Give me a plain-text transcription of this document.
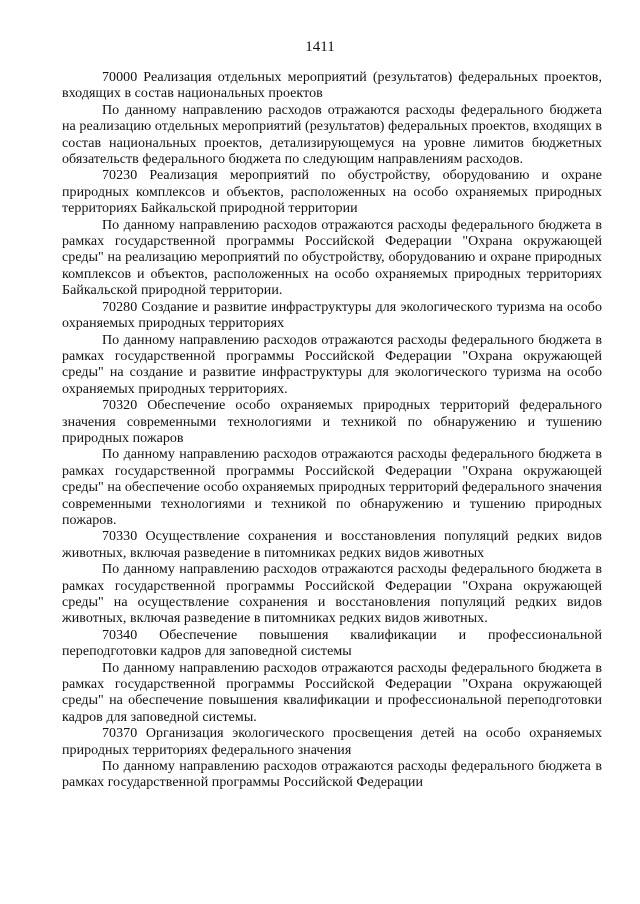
1411

70000 Реализация отдельных мероприятий (результатов) федеральных проектов, входящих в состав национальных проектов

По данному направлению расходов отражаются расходы федерального бюджета на реализацию отдельных мероприятий (результатов) федеральных проектов, входящих в состав национальных проектов, детализирующемуся на уровне лимитов бюджетных обязательств федерального бюджета по следующим направлениям расходов.

70230 Реализация мероприятий по обустройству, оборудованию и охране природных комплексов и объектов, расположенных на особо охраняемых природных территориях Байкальской природной территории

По данному направлению расходов отражаются расходы федерального бюджета в рамках государственной программы Российской Федерации "Охрана окружающей среды" на реализацию мероприятий по обустройству, оборудованию и охране природных комплексов и объектов, расположенных на особо охраняемых природных территориях Байкальской природной территории.

70280 Создание и развитие инфраструктуры для экологического туризма на особо охраняемых природных территориях

По данному направлению расходов отражаются расходы федерального бюджета в рамках государственной программы Российской Федерации "Охрана окружающей среды" на создание и развитие инфраструктуры для экологического туризма на особо охраняемых природных территориях.

70320 Обеспечение особо охраняемых природных территорий федерального значения современными технологиями и техникой по обнаружению и тушению природных пожаров

По данному направлению расходов отражаются расходы федерального бюджета в рамках государственной программы Российской Федерации "Охрана окружающей среды" на обеспечение особо охраняемых природных территорий федерального значения современными технологиями и техникой по обнаружению и тушению природных пожаров.

70330 Осуществление сохранения и восстановления популяций редких видов животных, включая разведение в питомниках редких видов животных

По данному направлению расходов отражаются расходы федерального бюджета в рамках государственной программы Российской Федерации "Охрана окружающей среды" на осуществление сохранения и восстановления популяций редких видов животных, включая разведение в питомниках редких видов животных.

70340 Обеспечение повышения квалификации и профессиональной переподготовки кадров для заповедной системы

По данному направлению расходов отражаются расходы федерального бюджета в рамках государственной программы Российской Федерации "Охрана окружающей среды" на обеспечение повышения квалификации и профессиональной переподготовки кадров для заповедной системы.

70370 Организация экологического просвещения детей на особо охраняемых природных территориях федерального значения

По данному направлению расходов отражаются расходы федерального бюджета в рамках государственной программы Российской Федерации
